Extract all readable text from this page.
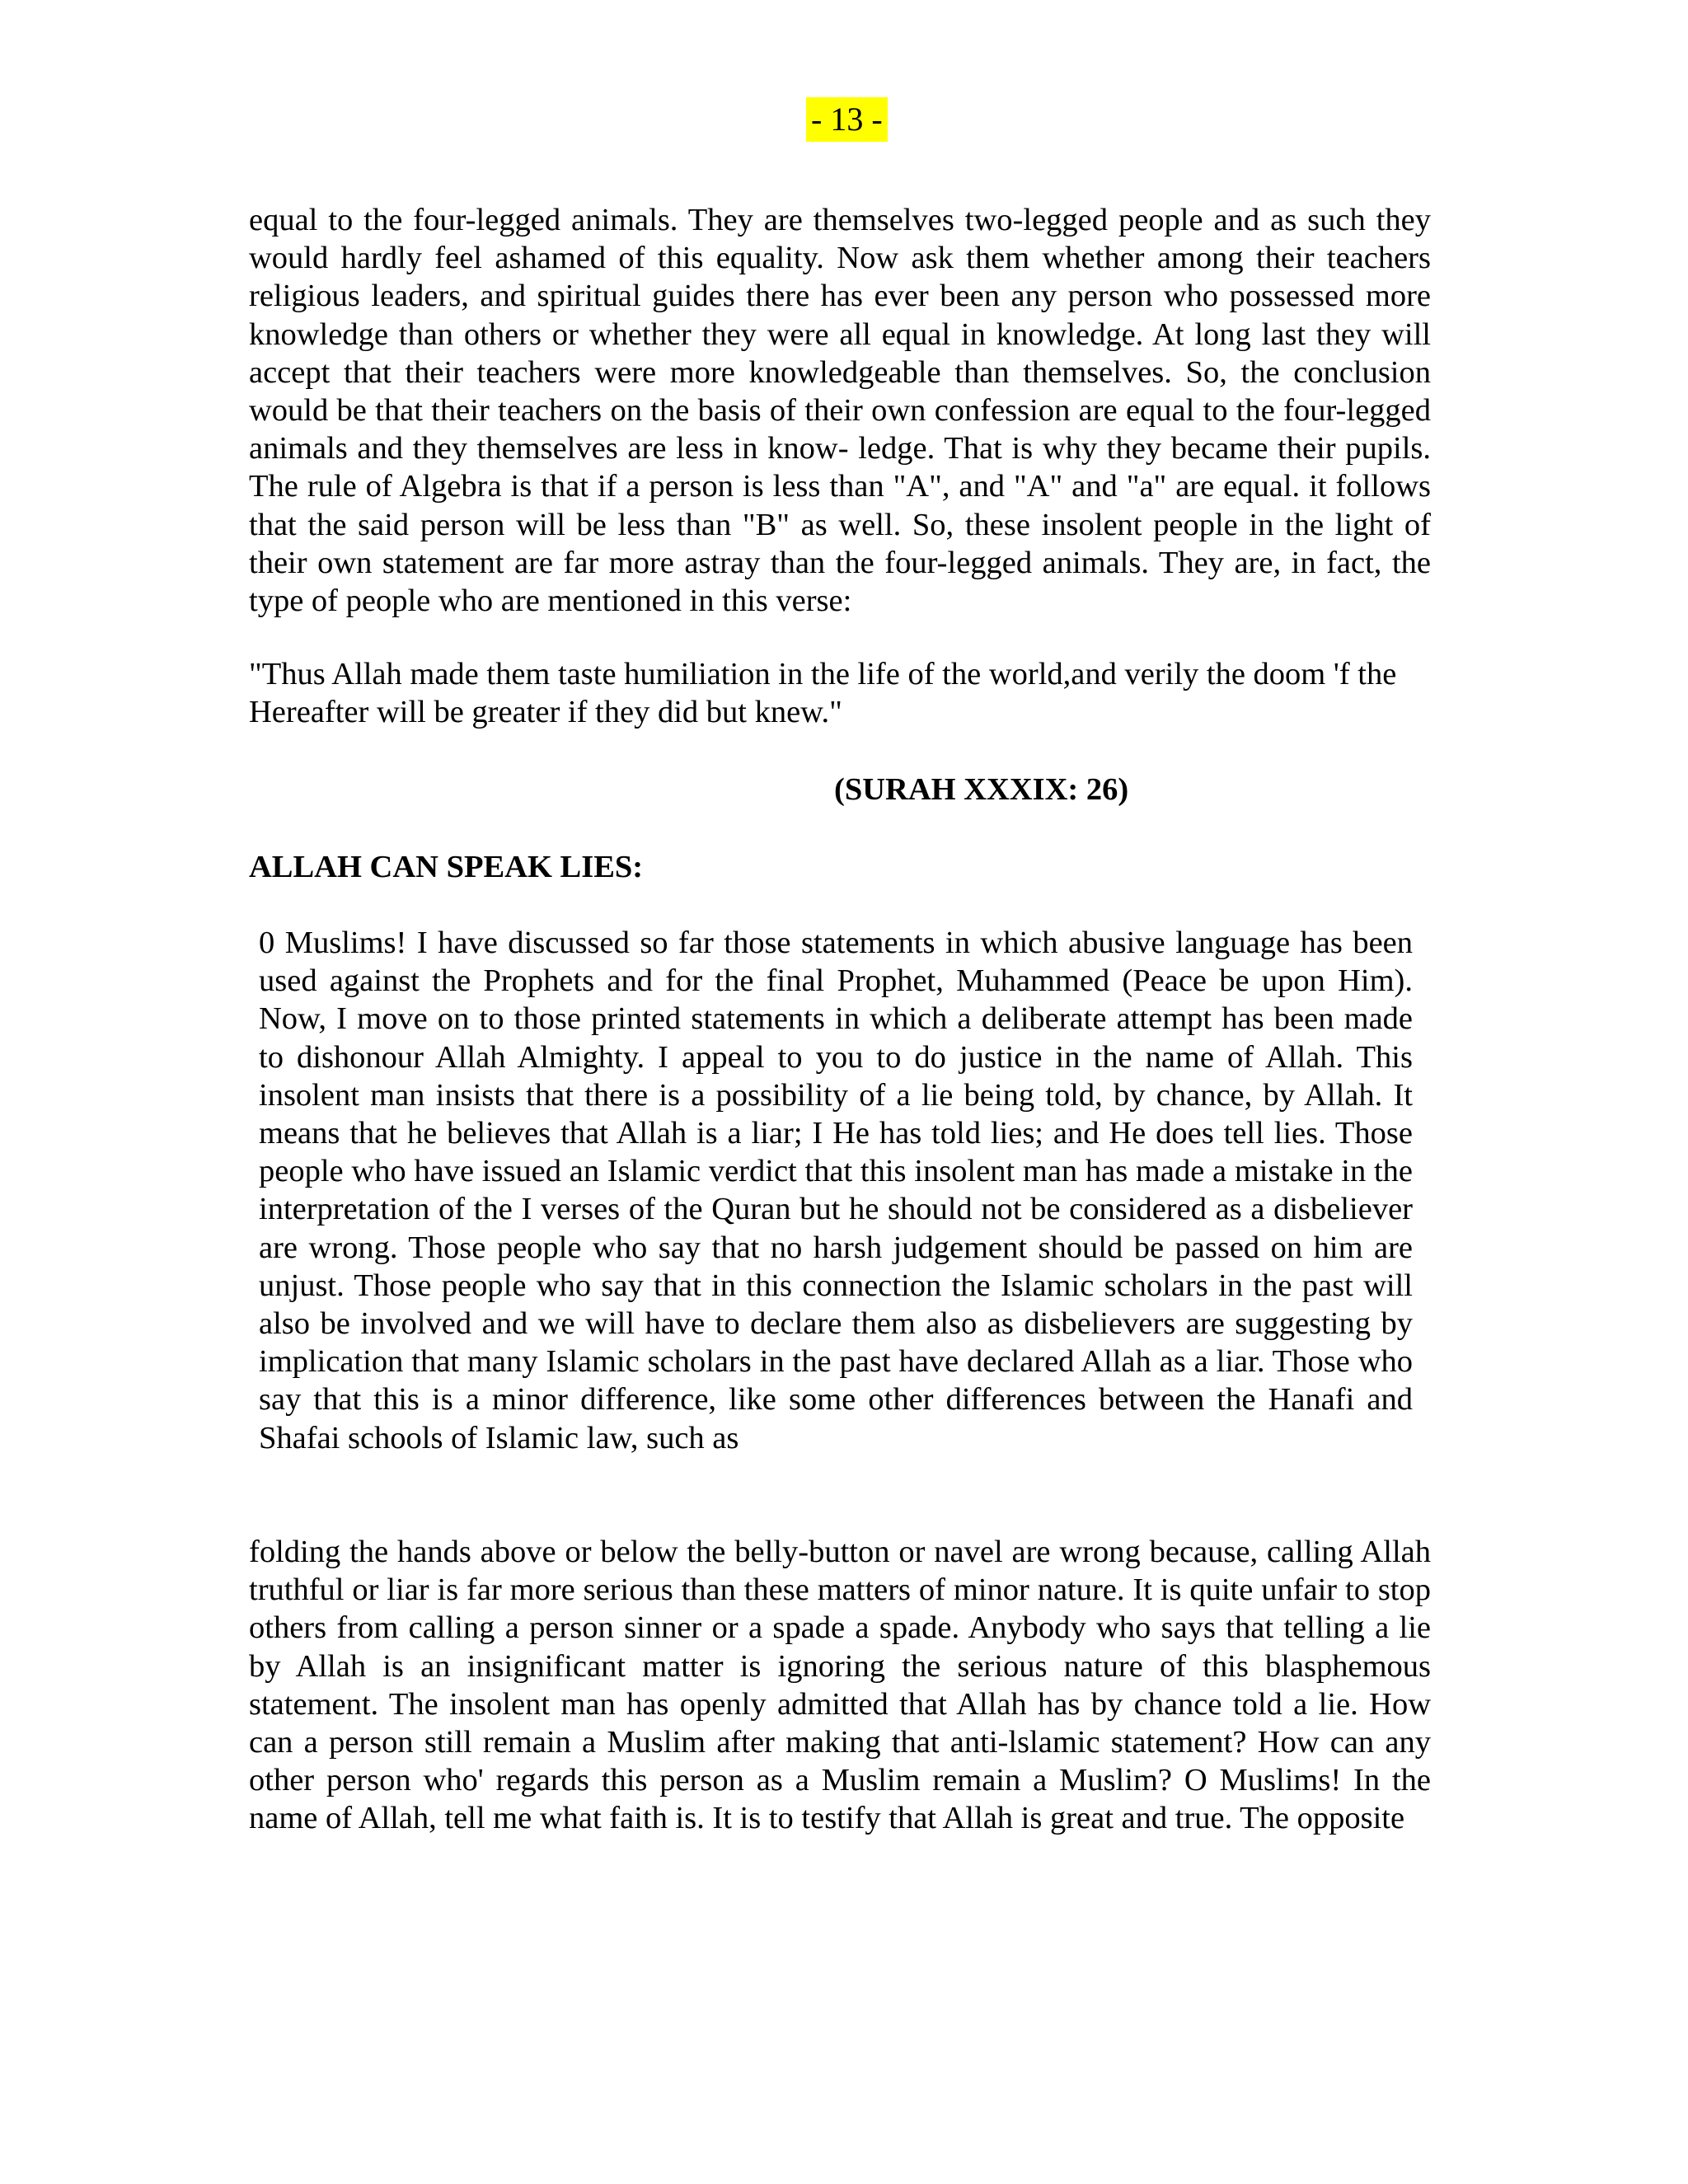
- 13 -

equal to the four-legged animals. They are themselves two-legged people and as such they would hardly feel ashamed of this equality. Now ask them whether among their teachers religious leaders, and spiritual guides there has ever been any person who possessed more knowledge than others or whether they were all equal in knowledge. At long last they will accept that their teachers were more knowledgeable than themselves. So, the conclusion would be that their teachers on the basis of their own confession are equal to the four-legged animals and they themselves are less in know- ledge. That is why they became their pupils. The rule of Algebra is that if a person is less than "A", and "A" and "a" are equal. it follows that the said person will be less than "B" as well. So, these insolent people in the light of their own statement are far more astray than the four-legged animals. They are, in fact, the type of people who are mentioned in this verse:

"Thus Allah made them taste humiliation in the life of the world,and verily the doom 'f the Hereafter will be greater if they did but knew."

(SURAH XXXIX: 26)

ALLAH CAN SPEAK LIES:

0 Muslims! I have discussed so far those statements in which abusive language has been used against the Prophets and for the final Prophet, Muhammed (Peace be upon Him). Now, I move on to those printed statements in which a deliberate attempt has been made to dishonour Allah Almighty. I appeal to you to do justice in the name of Allah. This insolent man insists that there is a possibility of a lie being told, by chance, by Allah. It means that he believes that Allah is a liar; I He has told lies; and He does tell lies. Those people who have issued an Islamic verdict that this insolent man has made a mistake in the interpretation of the I verses of the Quran but he should not be considered as a disbeliever are wrong. Those people who say that no harsh judgement should be passed on him are unjust. Those people who say that in this connection the Islamic scholars in the past will also be involved and we will have to declare them also as disbelievers are suggesting by implication that many Islamic scholars in the past have declared Allah as a liar. Those who say that this is a minor difference, like some other differences between the Hanafi and Shafai schools of Islamic law, such as

folding the hands above or below the belly-button or navel are wrong because, calling Allah truthful or liar is far more serious than these matters of minor nature. It is quite unfair to stop others from calling a person sinner or a spade a spade. Anybody who says that telling a lie by Allah is an insignificant matter is ignoring the serious nature of this blasphemous statement. The insolent man has openly admitted that Allah has by chance told a lie. How can a person still remain a Muslim after making that anti-lslamic statement? How can any other person who' regards this person as a Muslim remain a Muslim? O Muslims! In the name of Allah, tell me what faith is. It is to testify that Allah is great and true. The opposite
